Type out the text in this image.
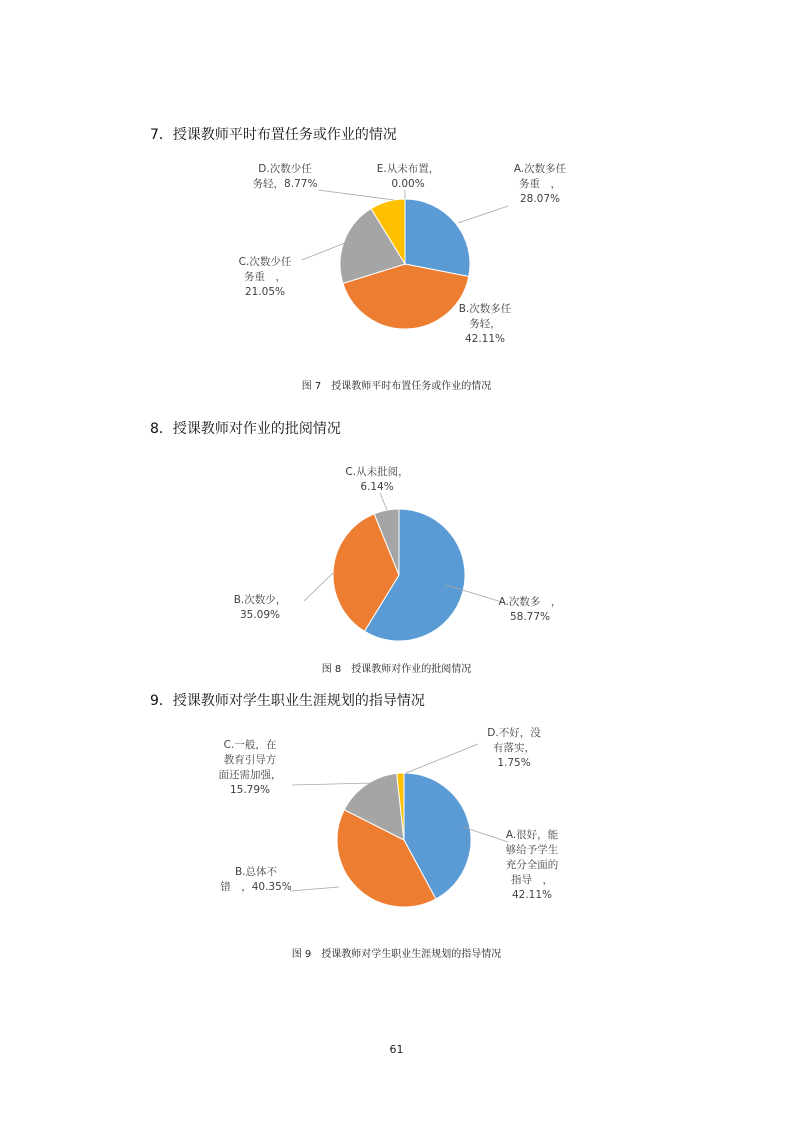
7．授课教师平时布置任务或作业的情况
A.次数多任务重　， 28.07%
B.次数多任务轻， 42.11%
C.次数少任务重　， 21.05%
D.次数少任务轻，8.77%
E.从未布置， 0.00%
图 7　授课教师平时布置任务或作业的情况
8．授课教师对作业的批阅情况
A.次数多　， 58.77%
B.次数少， 35.09%
C.从未批阅， 6.14%
图 8　授课教师对作业的批阅情况
9．授课教师对学生职业生涯规划的指导情况
A.很好，能够给予学生充分全面的指导　， 42.11%
B.总体不错　，40.35%
C.一般，在教育引导方面还需加强， 15.79%
D.不好，没有落实， 1.75%
图 9　授课教师对学生职业生涯规划的指导情况
61
